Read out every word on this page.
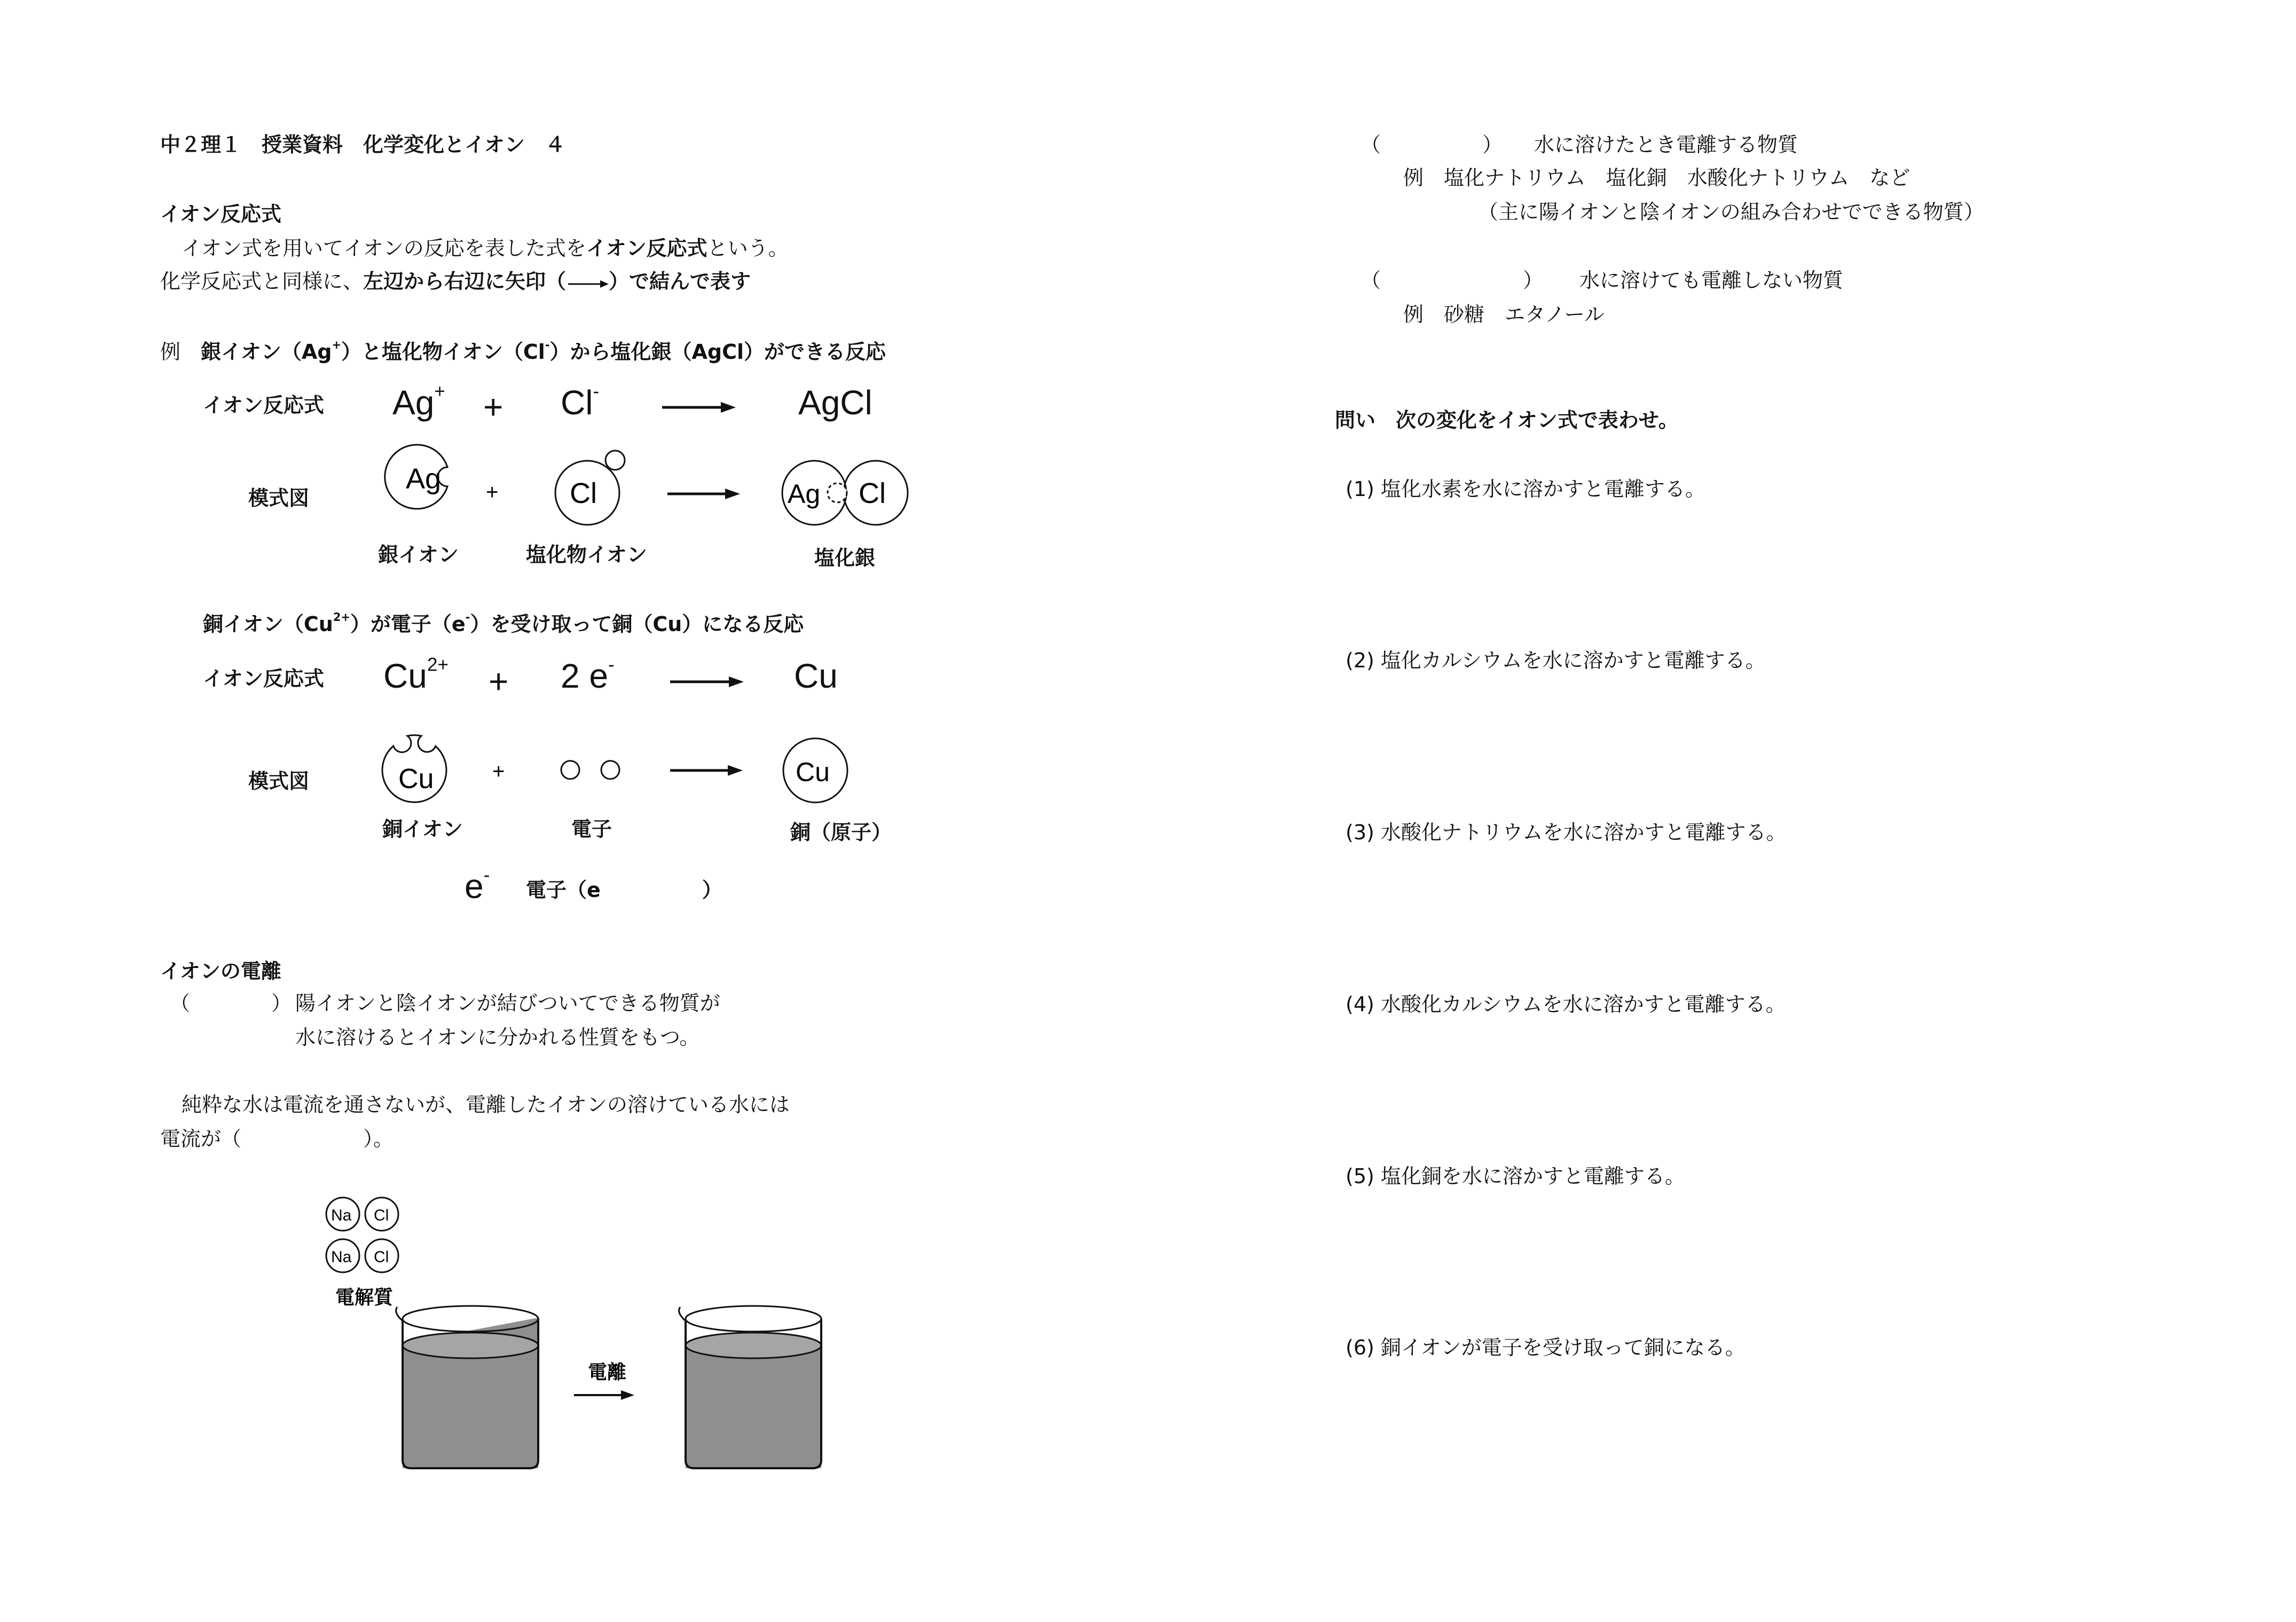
中２理１　授業資料　化学変化とイオン　４
イオン反応式
イオン式を用いてイオンの反応を表した式をイオン反応式という。
化学反応式と同様に、左辺から右辺に矢印（ ）で結んで表す
例　 銀イオン（Ag+）と塩化物イオン（Cl-）から塩化銀（AgCl）ができる反応
イオン反応式 Ag+ + Cl-	AgCl
模式図
Ag + Cl	Ag Cl
銀イオン	塩化物イオン	塩化銀
銅イオン$(Cu^{2+})$が電子（e-）を受け取って銅（Cu）になる反応
イオン反応式 $Cu^{2+} + 2$ e-	Cu
模式図	Cu	+	Cu
銅イオン	電子	銅（原子）
e-
電子（e　　　　　）
イオンの電離
（　　　　） 陽イオンと陰イオンが結びついてできる物質が
水に溶けるとイオンに分かれる性質をもつ。
純粋な水は電流を通さないが、電離したイオンの溶けている水には
電流が（　　　　　　）。
Na Cl
Na Cl
電解質
電離
（　　　　　） 水に溶けたとき電離する物質
例　塩化ナトリウム　塩化銅　水酸化ナトリウム　など
（主に陽イオンと陰イオンの組み合わせでできる物質）
（　　　　　　　） 水に溶けても電離しない物質
例　砂糖　エタノール
問い　次の変化をイオン式で表わせ。
(1) 塩化水素を水に溶かすと電離する。
(2) 塩化カルシウムを水に溶かすと電離する。
(3) 水酸化ナトリウムを水に溶かすと電離する。
(4) 水酸化カルシウムを水に溶かすと電離する。
(5) 塩化銅を水に溶かすと電離する。
(6) 銅イオンが電子を受け取って銅になる。
